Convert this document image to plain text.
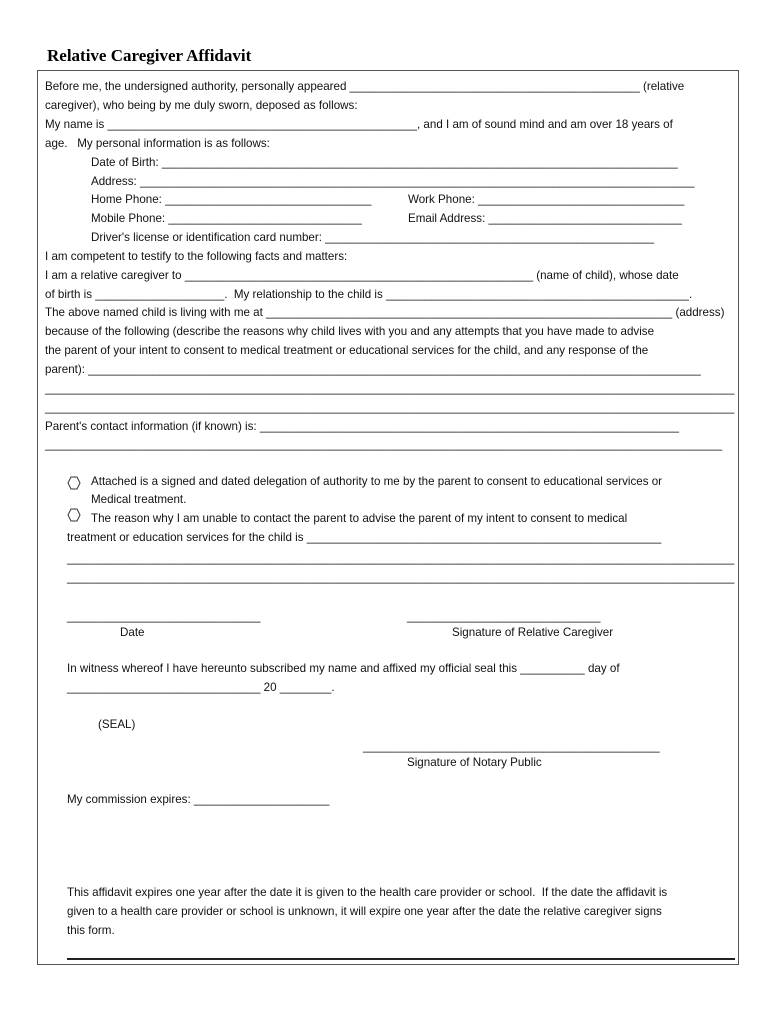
Relative Caregiver Affidavit
Before me, the undersigned authority, personally appeared _____________________________________________ (relative
caregiver), who being by me duly sworn, deposed as follows:
My name is ________________________________________________, and I am of sound mind and am over 18 years of
age.   My personal information is as follows:
Date of Birth: ________________________________________________________________________________
Address: ______________________________________________________________________________________
Home Phone: ________________________________	Work Phone: ________________________________
Mobile Phone: ______________________________	Email Address: ______________________________
Driver's license or identification card number: ___________________________________________________
I am competent to testify to the following facts and matters:
I am a relative caregiver to ______________________________________________________ (name of child), whose date
of birth is ____________________.  My relationship to the child is _______________________________________________.
The above named child is living with me at _______________________________________________________________ (address)
because of the following (describe the reasons why child lives with you and any attempts that you have made to advise
the parent of your intent to consent to medical treatment or educational services for the child, and any response of the
parent): _______________________________________________________________________________________________
____________________________________________________________________________________________________________
____________________________________________________________________________________________________________
Parent's contact information (if known) is: _________________________________________________________________
_________________________________________________________________________________________________________
Attached is a signed and dated delegation of authority to me by the parent to consent to educational services or
Medical treatment.
The reason why I am unable to contact the parent to advise the parent of my intent to consent to medical
treatment or education services for the child is _______________________________________________________
____________________________________________________________________________________________________________
____________________________________________________________________________________________________________
______________________________	______________________________
Date	Signature of Relative Caregiver
In witness whereof I have hereunto subscribed my name and affixed my official seal this __________ day of
______________________________ 20 ________.
(SEAL)
______________________________________________
Signature of Notary Public
My commission expires: _____________________
This affidavit expires one year after the date it is given to the health care provider or school.  If the date the affidavit is
given to a health care provider or school is unknown, it will expire one year after the date the relative caregiver signs
this form.
